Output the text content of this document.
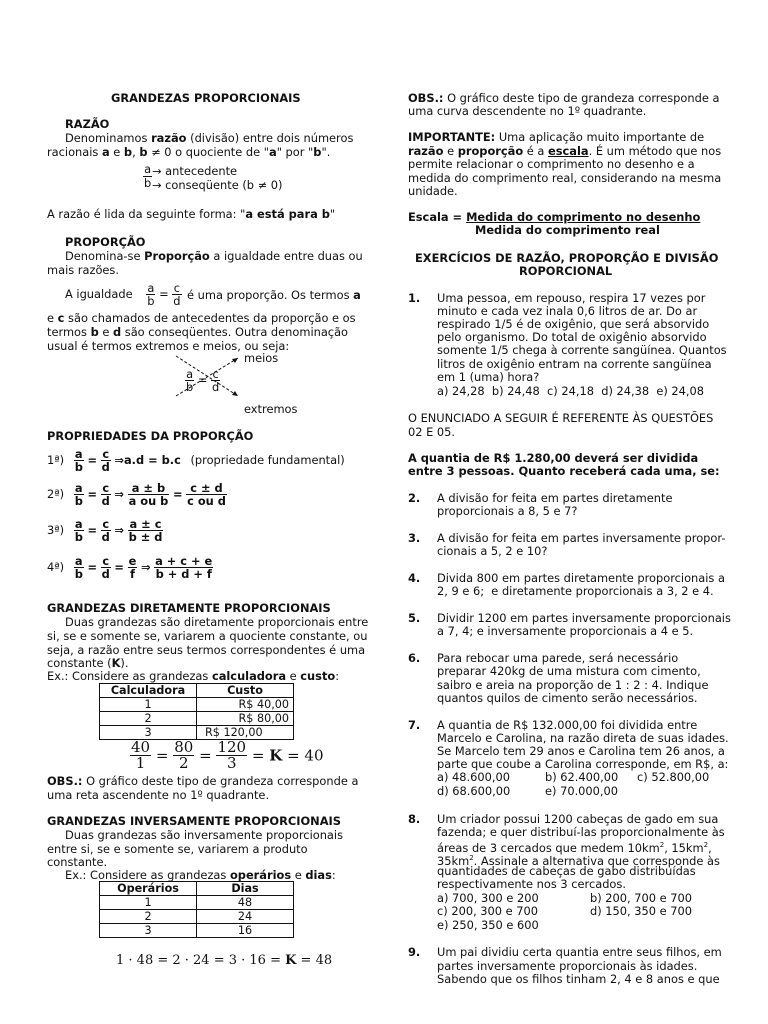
GRANDEZAS PROPORCIONAIS
RAZÃO
Denominamos razão (divisão) entre dois números
racionais a e b, b ≠ 0 o quociente de "a" por "b".
$\frac{a}{b}$ → antecedente
→ conseqüente (b ≠ 0)
A razão é lida da seguinte forma: "a está para b"
PROPORÇÃO
Denomina-se Proporção a igualdade entre duas ou
mais razões.
A igualdade $\frac{a}{b} = \frac{c}{d}$ é uma proporção. Os termos a
e c são chamados de antecedentes da proporção e os
termos b e d são conseqüentes. Outra denominação
usual é termos extremos e meios, ou seja:
$\frac{a}{b} = \frac{c}{d}$
meios
extremos
PROPRIEDADES DA PROPORÇÃO
1ª) $\frac{a}{b} = \frac{c}{d}$ ⇒a.d = b.c (propriedade fundamental)
2ª) $\frac{a}{b} = \frac{c}{d}$ ⇒ $\frac{a \pm b}{\text{a ou b}} = \frac{c \pm d}{\text{c ou d}}$
3ª) $\frac{a}{b} = \frac{c}{d}$ ⇒ $\frac{a \pm c}{b \pm d}$
4ª) $\frac{a}{b} = \frac{c}{d} = \frac{e}{f}$ ⇒ $\frac{a + c + e}{b + d + f}$
GRANDEZAS DIRETAMENTE PROPORCIONAIS
Duas grandezas são diretamente proporcionais entre
si, se e somente se, variarem a quociente constante, ou
seja, a razão entre seus termos correspondentes é uma
constante (K).
Ex.: Considere as grandezas calculadora e custo:
Calculadora	Custo
1	R$ 40,00
2	R$ 80,00
3	R$ 120,00
$\frac{40}{1} = \frac{80}{2} = \frac{120}{3} = K = 40$
OBS.: O gráfico deste tipo de grandeza corresponde a
uma reta ascendente no 1º quadrante.
GRANDEZAS INVERSAMENTE PROPORCIONAIS
Duas grandezas são inversamente proporcionais
entre si, se e somente se, variarem a produto
constante.
Ex.: Considere as grandezas operários e dias:
Operários	Dias
1	48
2	24
3	16
1 · 48 = 2 · 24 = 3 · 16 = K = 48
OBS.: O gráfico deste tipo de grandeza corresponde a
uma curva descendente no 1º quadrante.
IMPORTANTE: Uma aplicação muito importante de
razão e proporção é a escala. É um método que nos
permite relacionar o comprimento no desenho e a
medida do comprimento real, considerando na mesma
unidade.
Escala = Medida do comprimento no desenho
Medida do comprimento real
EXERCÍCIOS DE RAZÃO, PROPORÇÃO E DIVISÃO
ROPORCIONAL
1. Uma pessoa, em repouso, respira 17 vezes por
minuto e cada vez inala 0,6 litros de ar. Do ar
respirado 1/5 é de oxigênio, que será absorvido
pelo organismo. Do total de oxigênio absorvido
somente 1/5 chega à corrente sangüínea. Quantos
litros de oxigênio entram na corrente sangüínea
em 1 (uma) hora?
a) 24,28  b) 24,48  c) 24,18  d) 24,38  e) 24,08
O ENUNCIADO A SEGUIR É REFERENTE ÀS QUESTÕES
02 E 05.
A quantia de R$ 1.280,00 deverá ser dividida
entre 3 pessoas. Quanto receberá cada uma, se:
2. A divisão for feita em partes diretamente
proporcionais a 8, 5 e 7?
3. A divisão for feita em partes inversamente propor-
cionais a 5, 2 e 10?
4. Divida 800 em partes diretamente proporcionais a
2, 9 e 6;  e diretamente proporcionais a 3, 2 e 4.
5. Dividir 1200 em partes inversamente proporcionais
a 7, 4; e inversamente proporcionais a 4 e 5.
6. Para rebocar uma parede, será necessário
preparar 420kg de uma mistura com cimento,
saibro e areia na proporção de 1 : 2 : 4. Indique
quantos quilos de cimento serão necessários.
7. A quantia de R$ 132.000,00 foi dividida entre
Marcelo e Carolina, na razão direta de suas idades.
Se Marcelo tem 29 anos e Carolina tem 26 anos, a
parte que coube a Carolina corresponde, em R$, a:
a) 48.600,00	b) 62.400,00 c) 52.800,00
d) 68.600,00	e) 70.000,00
8. Um criador possui 1200 cabeças de gado em sua
fazenda; e quer distribuí-las proporcionalmente às
áreas de 3 cercados que medem $10km^2$, $15km^2$,
$35km^2$. Assinale a alternativa que corresponde às
quantidades de cabeças de gabo distribuídas
respectivamente nos 3 cercados.
a) 700, 300 e 200	b) 200, 700 e 700
c) 200, 300 e 700	d) 150, 350 e 700
e) 250, 350 e 600
9. Um pai dividiu certa quantia entre seus filhos, em
partes inversamente proporcionais às idades.
Sabendo que os filhos tinham 2, 4 e 8 anos e que
